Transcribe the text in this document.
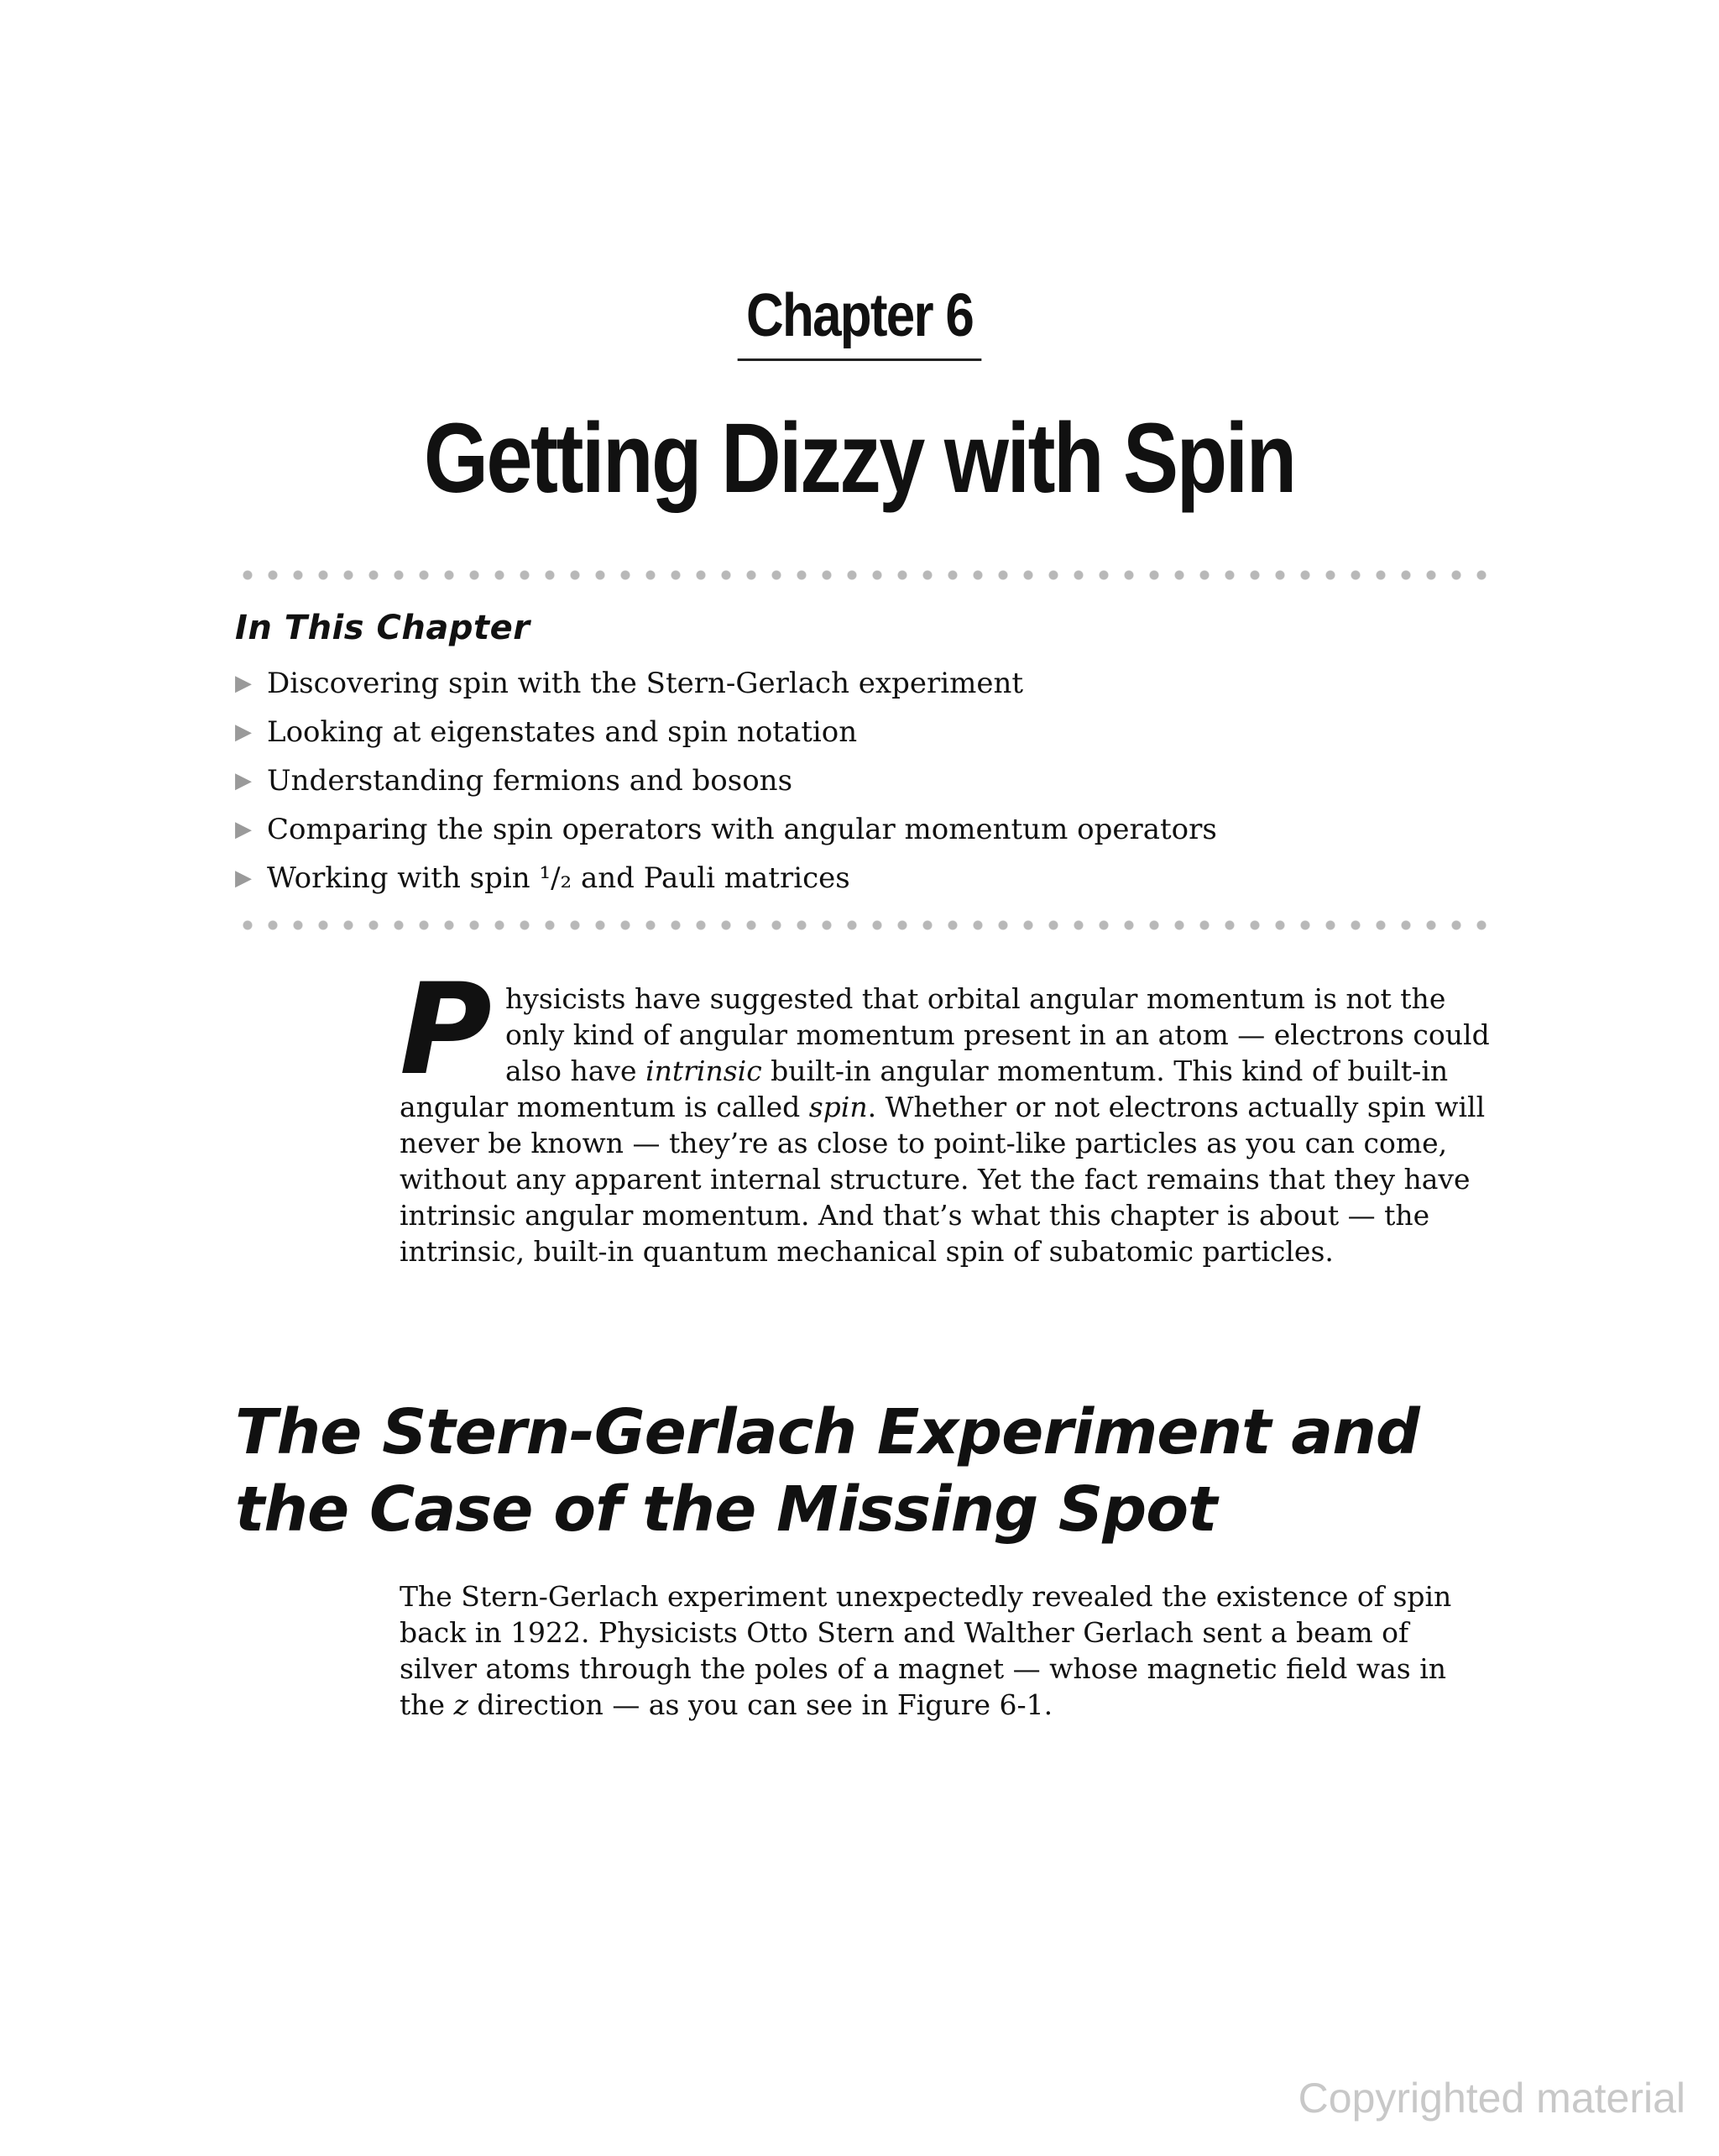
Chapter 6
Getting Dizzy with Spin
In This Chapter
▶ Discovering spin with the Stern-Gerlach experiment
▶ Looking at eigenstates and spin notation
▶ Understanding fermions and bosons
▶ Comparing the spin operators with angular momentum operators
▶ Working with spin ¹/₂ and Pauli matrices

Physicists have suggested that orbital angular momentum is not the only kind of angular momentum present in an atom — electrons could also have intrinsic built-in angular momentum. This kind of built-in angular momentum is called spin. Whether or not electrons actually spin will never be known — they’re as close to point-like particles as you can come, without any apparent internal structure. Yet the fact remains that they have intrinsic angular momentum. And that’s what this chapter is about — the intrinsic, built-in quantum mechanical spin of subatomic particles.

The Stern-Gerlach Experiment and
the Case of the Missing Spot

The Stern-Gerlach experiment unexpectedly revealed the existence of spin back in 1922. Physicists Otto Stern and Walther Gerlach sent a beam of silver atoms through the poles of a magnet — whose magnetic field was in the z direction — as you can see in Figure 6-1.

Copyrighted material
